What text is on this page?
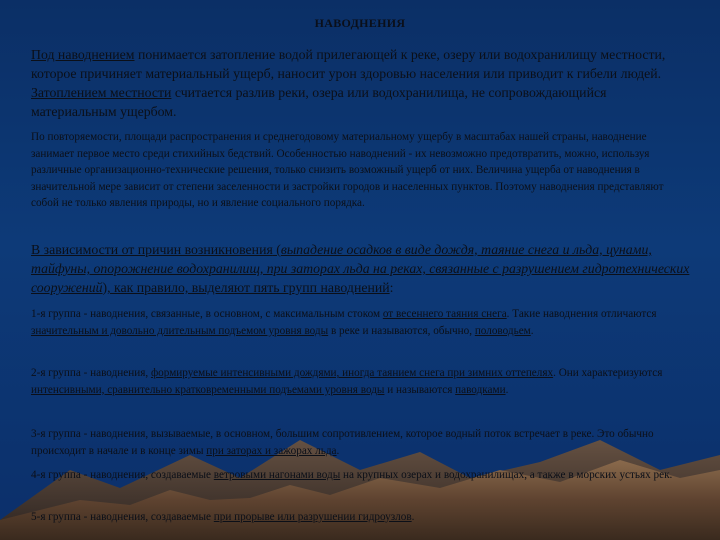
НАВОДНЕНИЯ
Под наводнением понимается затопление водой прилегающей к реке, озеру или водохранилищу местности, которое причиняет материальный ущерб, наносит урон здоровью населения или приводит к гибели людей. Затоплением местности считается разлив реки, озера или водохранилища, не сопровождающийся материальным ущербом.
По повторяемости, площади распространения и среднегодовому материальному ущербу в масштабах нашей страны, наводнение занимает первое место среди стихийных бедствий. Особенностью наводнений - их невозможно предотвратить, можно, используя различные организационно-технические решения, только снизить возможный ущерб от них. Величина ущерба от наводнения в значительной мере зависит от степени заселенности и застройки городов и населенных пунктов. Поэтому наводнения представляют собой не только явления природы, но и явление социального порядка.
В зависимости от причин возникновения (выпадение осадков в виде дождя, таяние снега и льда, цунами, тайфуны, опорожнение водохранилищ, при заторах льда на реках, связанные с разрушением гидротехнических сооружений), как правило, выделяют пять групп наводнений:
1-я группа - наводнения, связанные, в основном, с максимальным стоком от весеннего таяния снега. Такие наводнения отличаются значительным и довольно длительным подъемом уровня воды в реке и называются, обычно, половодьем.
2-я группа - наводнения, формируемые интенсивными дождями, иногда таянием снега при зимних оттепелях. Они характеризуются интенсивными, сравнительно кратковременными подъемами уровня воды и называются паводками.
3-я группа - наводнения, вызываемые, в основном, большим сопротивлением, которое водный поток встречает в реке. Это обычно происходит в начале и в конце зимы при заторах и зажорах льда.
4-я группа - наводнения, создаваемые ветровыми нагонами воды на крупных озерах и водохранилищах, а также в морских устьях рек.
5-я группа - наводнения, создаваемые при прорыве или разрушении гидроузлов.
